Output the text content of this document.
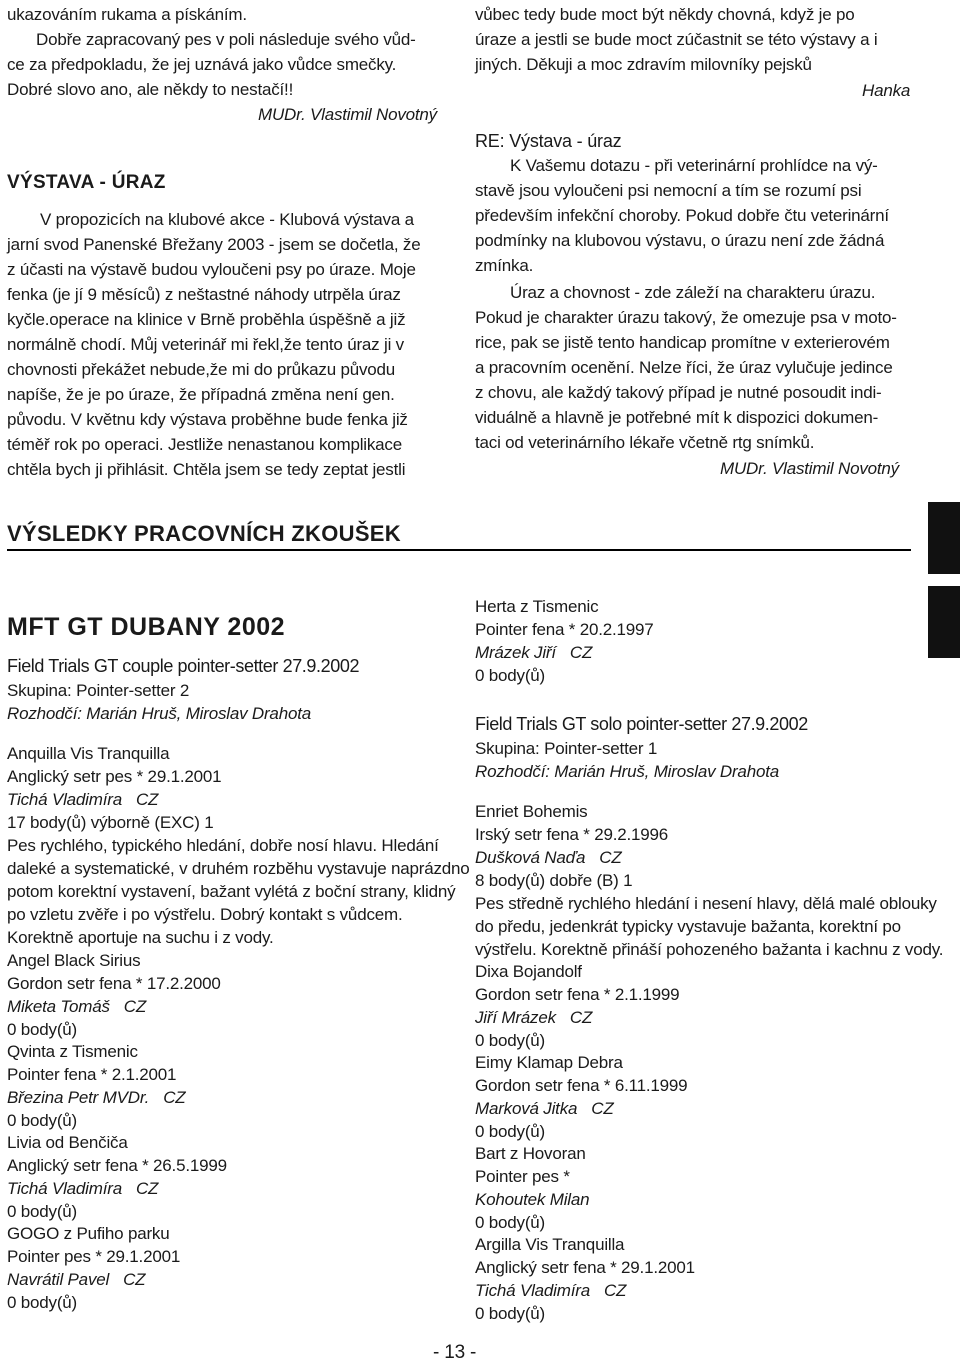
ukazováním rukama a pískáním.
Dobře zapracovaný pes v poli následuje svého vůd-
ce za předpokladu, že jej uznává jako vůdce smečky.
Dobré slovo ano, ale někdy to nestačí!!
MUDr. Vlastimil Novotný
VÝSTAVA - ÚRAZ
V propozicích na klubové akce - Klubová výstava a
jarní svod Panenské Břežany 2003 - jsem se dočetla, že
z účasti na výstavě budou vyloučeni psy po úraze. Moje
fenka (je jí 9 měsíců) z neštastné náhody utrpěla úraz
kyčle.operace na klinice v Brně proběhla úspěšně a již
normálně chodí. Můj veterinář mi řekl,že tento úraz ji v
chovnosti překážet nebude,že mi do průkazu původu
napíše, že je po úraze, že případná změna není gen.
původu. V květnu kdy výstava proběhne bude fenka již
téměř rok po operaci. Jestliže nenastanou komplikace
chtěla bych ji přihlásit. Chtěla jsem se tedy zeptat jestli
vůbec tedy bude moct být někdy chovná, když je po
úraze a jestli se bude moct zúčastnit se této výstavy a i
jiných. Děkuji a moc zdravím milovníky pejsků
Hanka
RE: Výstava - úraz
K Vašemu dotazu - při veterinární prohlídce na vý-
stavě jsou vyloučeni psi nemocní a tím se rozumí psi
především infekční choroby. Pokud dobře čtu veterinární
podmínky na klubovou výstavu, o úrazu není zde žádná
zmínka.
Úraz a chovnost - zde záleží na charakteru úrazu.
Pokud je charakter úrazu takový, že omezuje psa v moto-
rice, pak se jistě tento handicap promítne v exterierovém
a pracovním ocenění. Nelze říci, že úraz vylučuje jedince
z chovu, ale každý takový případ je nutné posoudit indi-
viduálně a hlavně je potřebné mít k dispozici dokumen-
taci od veterinárního lékaře včetně rtg snímků.
MUDr. Vlastimil Novotný
VÝSLEDKY PRACOVNÍCH ZKOUŠEK
MFT GT DUBANY 2002
Field Trials GT couple pointer-setter 27.9.2002
Skupina: Pointer-setter 2
Rozhodčí: Marián Hruš, Miroslav Drahota
Anquilla Vis Tranquilla
Anglický setr pes * 29.1.2001
Tichá Vladimíra CZ
17 body(ů) výborně (EXC) 1
Pes rychlého, typického hledání, dobře nosí hlavu. Hledání
daleké a systematické, v druhém rozběhu vystavuje naprázdno
potom korektní vystavení, bažant vylétá z boční strany, klidný
po vzletu zvěře i po výstřelu. Dobrý kontakt s vůdcem.
Korektně aportuje na suchu i z vody.
Angel Black Sirius
Gordon setr fena * 17.2.2000
Miketa Tomáš CZ
0 body(ů)
Qvinta z Tismenic
Pointer fena * 2.1.2001
Březina Petr MVDr. CZ
0 body(ů)
Livia od Benčiča
Anglický setr fena * 26.5.1999
Tichá Vladimíra CZ
0 body(ů)
GOGO z Pufiho parku
Pointer pes * 29.1.2001
Navrátil Pavel CZ
0 body(ů)
Herta z Tismenic
Pointer fena * 20.2.1997
Mrázek Jiří CZ
0 body(ů)
Field Trials GT solo pointer-setter 27.9.2002
Skupina: Pointer-setter 1
Rozhodčí: Marián Hruš, Miroslav Drahota
Enriet Bohemis
Irský setr fena * 29.2.1996
Dušková Naďa CZ
8 body(ů) dobře (B) 1
Pes středně rychlého hledání i nesení hlavy, dělá malé oblouky
do předu, jedenkrát typicky vystavuje bažanta, korektní po
výstřelu. Korektně přináší pohozeného bažanta i kachnu z vody.
Dixa Bojandolf
Gordon setr fena * 2.1.1999
Jiří Mrázek CZ
0 body(ů)
Eimy Klamap Debra
Gordon setr fena * 6.11.1999
Marková Jitka CZ
0 body(ů)
Bart z Hovoran
Pointer pes *
Kohoutek Milan
0 body(ů)
Argilla Vis Tranquilla
Anglický setr fena * 29.1.2001
Tichá Vladimíra CZ
0 body(ů)
- 13 -
